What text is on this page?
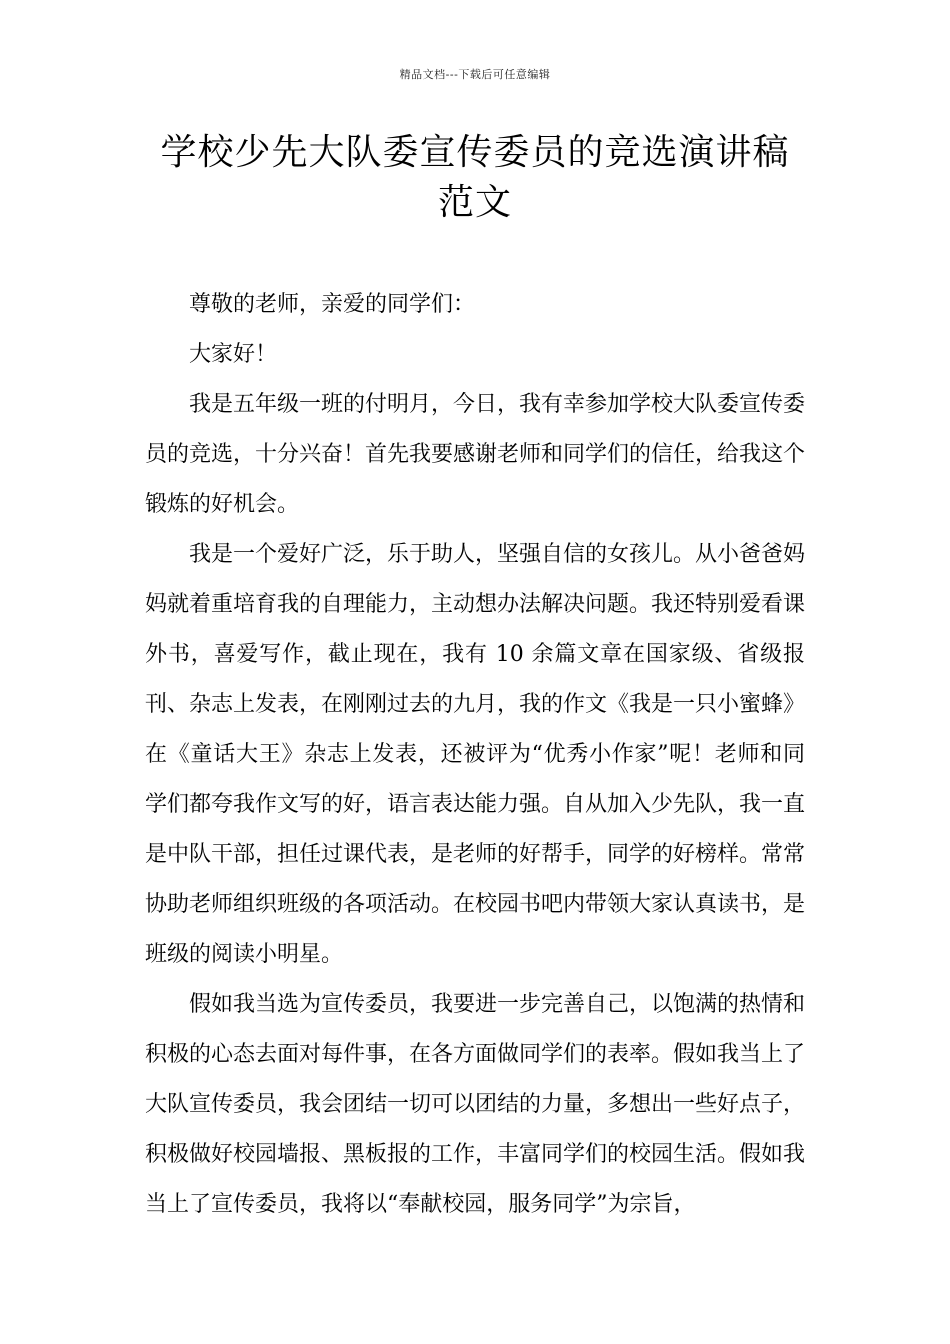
精品文档---下载后可任意编辑
学校少先大队委宣传委员的竞选演讲稿
范文

尊敬的老师，亲爱的同学们：

大家好！

我是五年级一班的付明月，今日，我有幸参加学校大队委宣传委员的竞选，十分兴奋！首先我要感谢老师和同学们的信任，给我这个锻炼的好机会。

我是一个爱好广泛，乐于助人，坚强自信的女孩儿。从小爸爸妈妈就着重培育我的自理能力，主动想办法解决问题。我还特别爱看课外书，喜爱写作，截止现在，我有 10 余篇文章在国家级、省级报刊、杂志上发表，在刚刚过去的九月，我的作文《我是一只小蜜蜂》在《童话大王》杂志上发表，还被评为“优秀小作家”呢！老师和同学们都夸我作文写的好，语言表达能力强。自从加入少先队，我一直是中队干部，担任过课代表，是老师的好帮手，同学的好榜样。常常协助老师组织班级的各项活动。在校园书吧内带领大家认真读书，是班级的阅读小明星。

假如我当选为宣传委员，我要进一步完善自己，以饱满的热情和积极的心态去面对每件事，在各方面做同学们的表率。假如我当上了大队宣传委员，我会团结一切可以团结的力量，多想出一些好点子，积极做好校园墙报、黑板报的工作，丰富同学们的校园生活。假如我当上了宣传委员，我将以“奉献校园，服务同学”为宗旨，
